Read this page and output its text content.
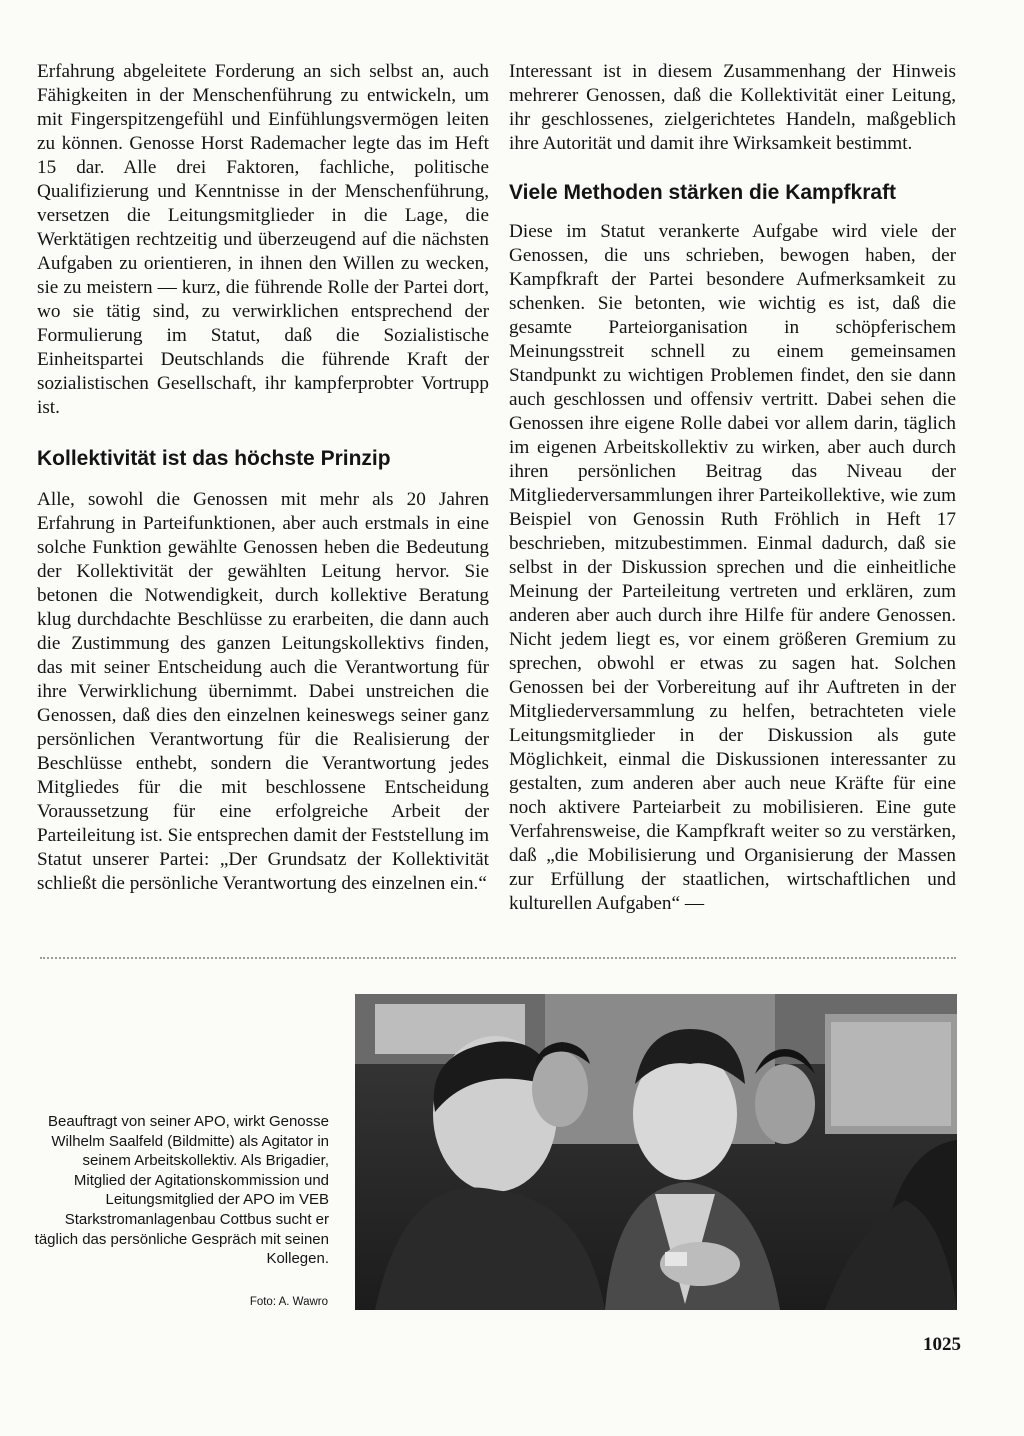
Erfahrung abgeleitete Forderung an sich selbst an, auch Fähigkeiten in der Menschenführung zu entwickeln, um mit Fingerspitzengefühl und Einfühlungsvermögen leiten zu können. Genosse Horst Rademacher legte das im Heft 15 dar. Alle drei Faktoren, fachliche, politische Qualifizierung und Kenntnisse in der Menschenführung, versetzen die Leitungsmitglieder in die Lage, die Werktätigen rechtzeitig und überzeugend auf die nächsten Aufgaben zu orientieren, in ihnen den Willen zu wecken, sie zu meistern — kurz, die führende Rolle der Partei dort, wo sie tätig sind, zu verwirklichen entsprechend der Formulierung im Statut, daß die Sozialistische Einheitspartei Deutschlands die führende Kraft der sozialistischen Gesellschaft, ihr kampferprobter Vortrupp ist.

Kollektivität ist das höchste Prinzip

Alle, sowohl die Genossen mit mehr als 20 Jahren Erfahrung in Parteifunktionen, aber auch erstmals in eine solche Funktion gewählte Genossen heben die Bedeutung der Kollektivität der gewählten Leitung hervor. Sie betonen die Notwendigkeit, durch kollektive Beratung klug durchdachte Beschlüsse zu erarbeiten, die dann auch die Zustimmung des ganzen Leitungskollektivs finden, das mit seiner Entscheidung auch die Verantwortung für ihre Verwirklichung übernimmt. Dabei unstreichen die Genossen, daß dies den einzelnen keineswegs seiner ganz persönlichen Verantwortung für die Realisierung der Beschlüsse enthebt, sondern die Verantwortung jedes Mitgliedes für die mit beschlossene Entscheidung Voraussetzung für eine erfolgreiche Arbeit der Parteileitung ist. Sie entsprechen damit der Feststellung im Statut unserer Partei: „Der Grundsatz der Kollektivität schließt die persönliche Verantwortung des einzelnen ein.“

Interessant ist in diesem Zusammenhang der Hinweis mehrerer Genossen, daß die Kollektivität einer Leitung, ihr geschlossenes, zielgerichtetes Handeln, maßgeblich ihre Autorität und damit ihre Wirksamkeit bestimmt.

Viele Methoden stärken die Kampfkraft

Diese im Statut verankerte Aufgabe wird viele der Genossen, die uns schrieben, bewogen haben, der Kampfkraft der Partei besondere Aufmerksamkeit zu schenken. Sie betonten, wie wichtig es ist, daß die gesamte Parteiorganisation in schöpferischem Meinungsstreit schnell zu einem gemeinsamen Standpunkt zu wichtigen Problemen findet, den sie dann auch geschlossen und offensiv vertritt. Dabei sehen die Genossen ihre eigene Rolle dabei vor allem darin, täglich im eigenen Arbeitskollektiv zu wirken, aber auch durch ihren persönlichen Beitrag das Niveau der Mitgliederversammlungen ihrer Parteikollektive, wie zum Beispiel von Genossin Ruth Fröhlich in Heft 17 beschrieben, mitzubestimmen. Einmal dadurch, daß sie selbst in der Diskussion sprechen und die einheitliche Meinung der Parteileitung vertreten und erklären, zum anderen aber auch durch ihre Hilfe für andere Genossen. Nicht jedem liegt es, vor einem größeren Gremium zu sprechen, obwohl er etwas zu sagen hat. Solchen Genossen bei der Vorbereitung auf ihr Auftreten in der Mitgliederversammlung zu helfen, betrachteten viele Leitungsmitglieder in der Diskussion als gute Möglichkeit, einmal die Diskussionen interessanter zu gestalten, zum anderen aber auch neue Kräfte für eine noch aktivere Parteiarbeit zu mobilisieren. Eine gute Verfahrensweise, die Kampfkraft weiter so zu verstärken, daß „die Mobilisierung und Organisierung der Massen zur Erfüllung der staatlichen, wirtschaftlichen und kulturellen Aufgaben“ —

Beauftragt von seiner APO, wirkt Genosse Wilhelm Saalfeld (Bildmitte) als Agitator in seinem Arbeitskollektiv. Als Brigadier, Mitglied der Agitationskommission und Leitungsmitglied der APO im VEB Starkstromanlagenbau Cottbus sucht er täglich das persönliche Gespräch mit seinen Kollegen.
Foto: A. Wawro
1025
